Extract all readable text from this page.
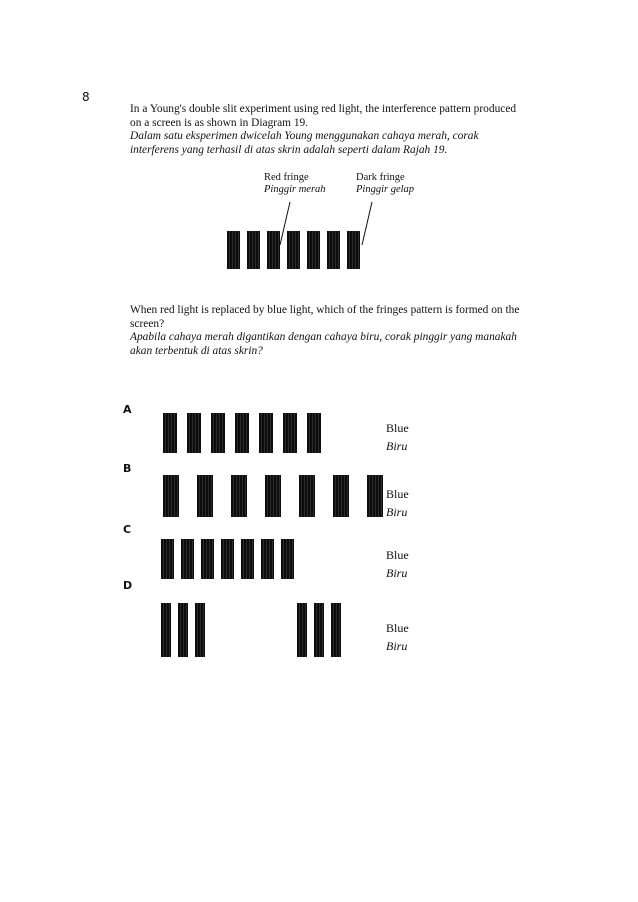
8

In a Young's double slit experiment using red light, the interference pattern produced on a screen is as shown in Diagram 19.

Dalam satu eksperimen dwicelah Young menggunakan cahaya merah, corak interferens yang terhasil di atas skrin adalah seperti dalam Rajah 19.

Red fringe
Pinggir merah
Dark fringe
Pinggir gelap

When red light is replaced by blue light, which of the fringes pattern is formed on the screen?

Apabila cahaya merah digantikan dengan cahaya biru, corak pinggir yang manakah akan terbentuk di atas skrin?

A
Blue
Biru
B
Blue
Biru
C
Blue
Biru
D
Blue
Biru
